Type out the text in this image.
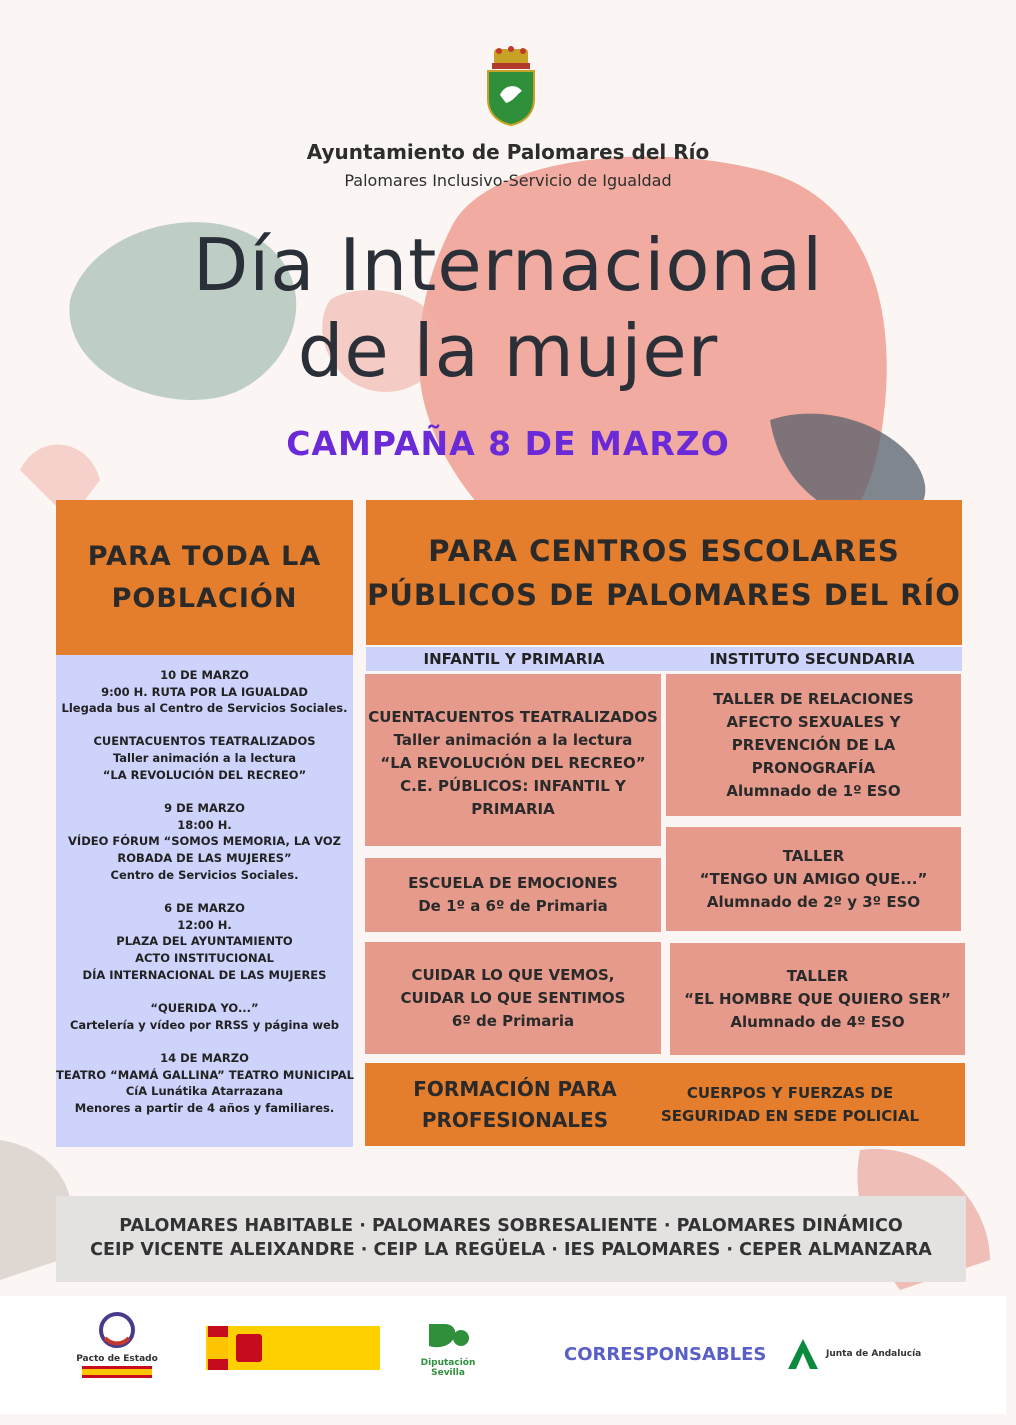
Ayuntamiento de Palomares del Río
Palomares Inclusivo-Servicio de Igualdad
Día Internacional
de la mujer
CAMPAÑA 8 DE MARZO
PARA TODA LA
POBLACIÓN
10 DE MARZO
9:00 H. RUTA POR LA IGUALDAD
Llegada bus al Centro de Servicios Sociales.

CUENTACUENTOS TEATRALIZADOS
Taller animación a la lectura
“LA REVOLUCIÓN DEL RECREO”
9 DE MARZO
18:00 H.
VÍDEO FÓRUM “SOMOS MEMORIA, LA VOZ
ROBADA DE LAS MUJERES”
Centro de Servicios Sociales.
6 DE MARZO
12:00 H.
PLAZA DEL AYUNTAMIENTO
ACTO INSTITUCIONAL
DÍA INTERNACIONAL DE LAS MUJERES
“QUERIDA YO...”
Cartelería y vídeo por RRSS y página web
14 DE MARZO
TEATRO “MAMÁ GALLINA” TEATRO MUNICIPAL
CíA Lunátika Atarrazana
Menores a partir de 4 años y familiares.
PARA CENTROS ESCOLARES
PÚBLICOS DE PALOMARES DEL RÍO
INFANTIL Y PRIMARIA	INSTITUTO SECUNDARIA
CUENTACUENTOS TEATRALIZADOS
Taller animación a la lectura
“LA REVOLUCIÓN DEL RECREO”
C.E. PÚBLICOS: INFANTIL Y
PRIMARIA
ESCUELA DE EMOCIONES
De 1º a 6º de Primaria
CUIDAR LO QUE VEMOS,
CUIDAR LO QUE SENTIMOS
6º de Primaria
TALLER DE RELACIONES
AFECTO SEXUALES Y
PREVENCIÓN DE LA
PRONOGRAFÍA
Alumnado de 1º ESO
TALLER
“TENGO UN AMIGO QUE...”
Alumnado de 2º y 3º ESO
TALLER
“EL HOMBRE QUE QUIERO SER”
Alumnado de 4º ESO
FORMACIÓN PARA
PROFESIONALES
CUERPOS Y FUERZAS DE
SEGURIDAD EN SEDE POLICIAL
PALOMARES HABITABLE · PALOMARES SOBRESALIENTE · PALOMARES DINÁMICO
CEIP VICENTE ALEIXANDRE · CEIP LA REGÜELA · IES PALOMARES · CEPER ALMANZARA
Pacto de Estado	Diputación Sevilla
CORRESPONSABLES	Junta de Andalucía
